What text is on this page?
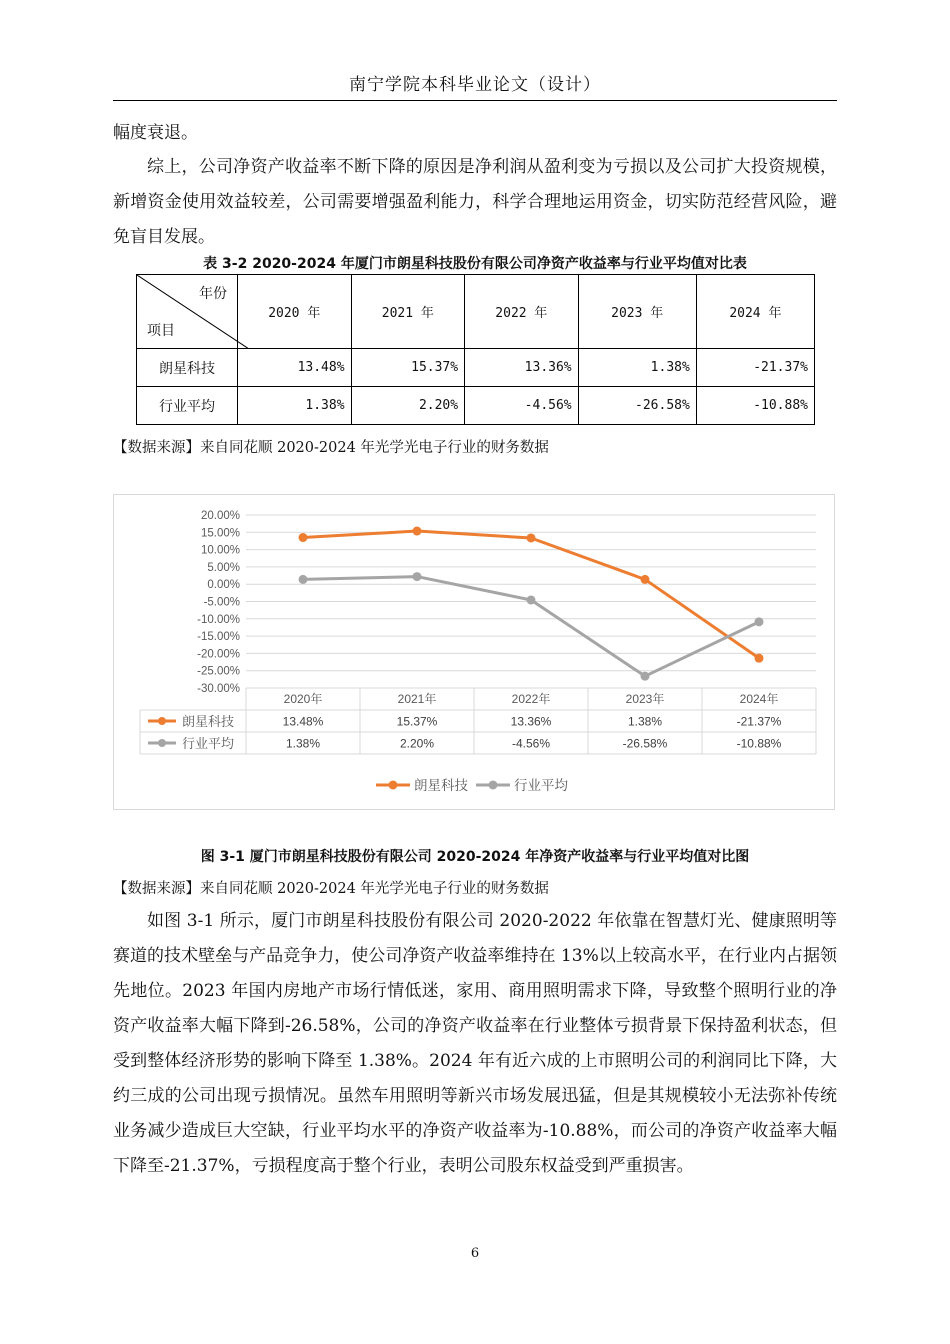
南宁学院本科毕业论文（设计）

幅度衰退。

综上，公司净资产收益率不断下降的原因是净利润从盈利变为亏损以及公司扩大投资规模，新增资金使用效益较差，公司需要增强盈利能力，科学合理地运用资金，切实防范经营风险，避免盲目发展。

表 3-2 2020-2024 年厦门市朗星科技股份有限公司净资产收益率与行业平均值对比表
年份
项目	2020 年	2021 年	2022 年	2023 年	2024 年
朗星科技	13.48%	15.37%	13.36%	1.38%	-21.37%
行业平均	1.38%	2.20%	-4.56%	-26.58%	-10.88%
【数据来源】来自同花顺 2020-2024 年光学光电子行业的财务数据
20.00%
15.00%
10.00%
5.00%
0.00%
-5.00%
-10.00%
-15.00%
-20.00%
-25.00%
-30.00%
2020年	2021年	2022年	2023年	2024年
朗星科技	13.48%	15.37%	13.36%	1.38%	-21.37%
行业平均	1.38%	2.20%	-4.56%	-26.58%	-10.88%
朗星科技	行业平均
图 3-1 厦门市朗星科技股份有限公司 2020-2024 年净资产收益率与行业平均值对比图
【数据来源】来自同花顺 2020-2024 年光学光电子行业的财务数据

如图 3-1 所示，厦门市朗星科技股份有限公司 2020-2022 年依靠在智慧灯光、健康照明等赛道的技术壁垒与产品竞争力，使公司净资产收益率维持在 13%以上较高水平，在行业内占据领先地位。2023 年国内房地产市场行情低迷，家用、商用照明需求下降，导致整个照明行业的净资产收益率大幅下降到-26.58%，公司的净资产收益率在行业整体亏损背景下保持盈利状态，但受到整体经济形势的影响下降至 1.38%。2024 年有近六成的上市照明公司的利润同比下降，大约三成的公司出现亏损情况。虽然车用照明等新兴市场发展迅猛，但是其规模较小无法弥补传统业务减少造成巨大空缺，行业平均水平的净资产收益率为-10.88%，而公司的净资产收益率大幅下降至-21.37%，亏损程度高于整个行业，表明公司股东权益受到严重损害。

6
